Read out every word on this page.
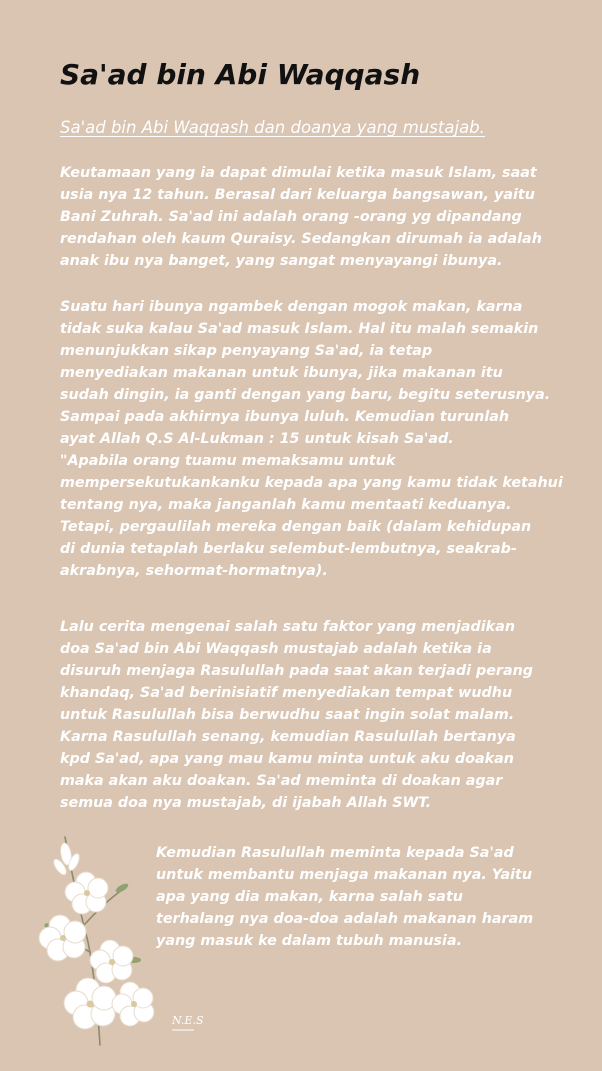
Sa'ad bin Abi Waqqash
Sa'ad bin Abi Waqqash dan doanya yang mustajab.
Keutamaan yang ia dapat dimulai ketika masuk Islam, saat
usia nya 12 tahun. Berasal dari keluarga bangsawan, yaitu
Bani Zuhrah. Sa'ad ini adalah orang -orang yg dipandang
rendahan oleh kaum Quraisy. Sedangkan dirumah ia adalah
anak ibu nya banget, yang sangat menyayangi ibunya.
Suatu hari ibunya ngambek dengan mogok makan, karna
tidak suka kalau Sa'ad masuk Islam. Hal itu malah semakin
menunjukkan sikap penyayang Sa'ad, ia tetap
menyediakan makanan untuk ibunya, jika makanan itu
sudah dingin, ia ganti dengan yang baru, begitu seterusnya.
Sampai pada akhirnya ibunya luluh. Kemudian turunlah
ayat Allah Q.S Al-Lukman : 15 untuk kisah Sa'ad.
"Apabila orang tuamu memaksamu untuk
mempersekutukankanku kepada apa yang kamu tidak ketahui
tentang nya, maka janganlah kamu mentaati keduanya.
Tetapi, pergaulilah mereka dengan baik (dalam kehidupan
di dunia tetaplah berlaku selembut-lembutnya, seakrab-
akrabnya, sehormat-hormatnya).
Lalu cerita mengenai salah satu faktor yang menjadikan
doa Sa'ad bin Abi Waqqash mustajab adalah ketika ia
disuruh menjaga Rasulullah pada saat akan terjadi perang
khandaq, Sa'ad berinisiatif menyediakan tempat wudhu
untuk Rasulullah bisa berwudhu saat ingin solat malam.
Karna Rasulullah senang, kemudian Rasulullah bertanya
kpd Sa'ad, apa yang mau kamu minta untuk aku doakan
maka akan aku doakan. Sa'ad meminta di doakan agar
semua doa nya mustajab, di ijabah Allah SWT.
Kemudian Rasulullah meminta kepada Sa'ad
untuk membantu menjaga makanan nya. Yaitu
apa yang dia makan, karna salah satu
terhalang nya doa-doa adalah makanan haram
yang masuk ke dalam tubuh manusia.
N.E.S
